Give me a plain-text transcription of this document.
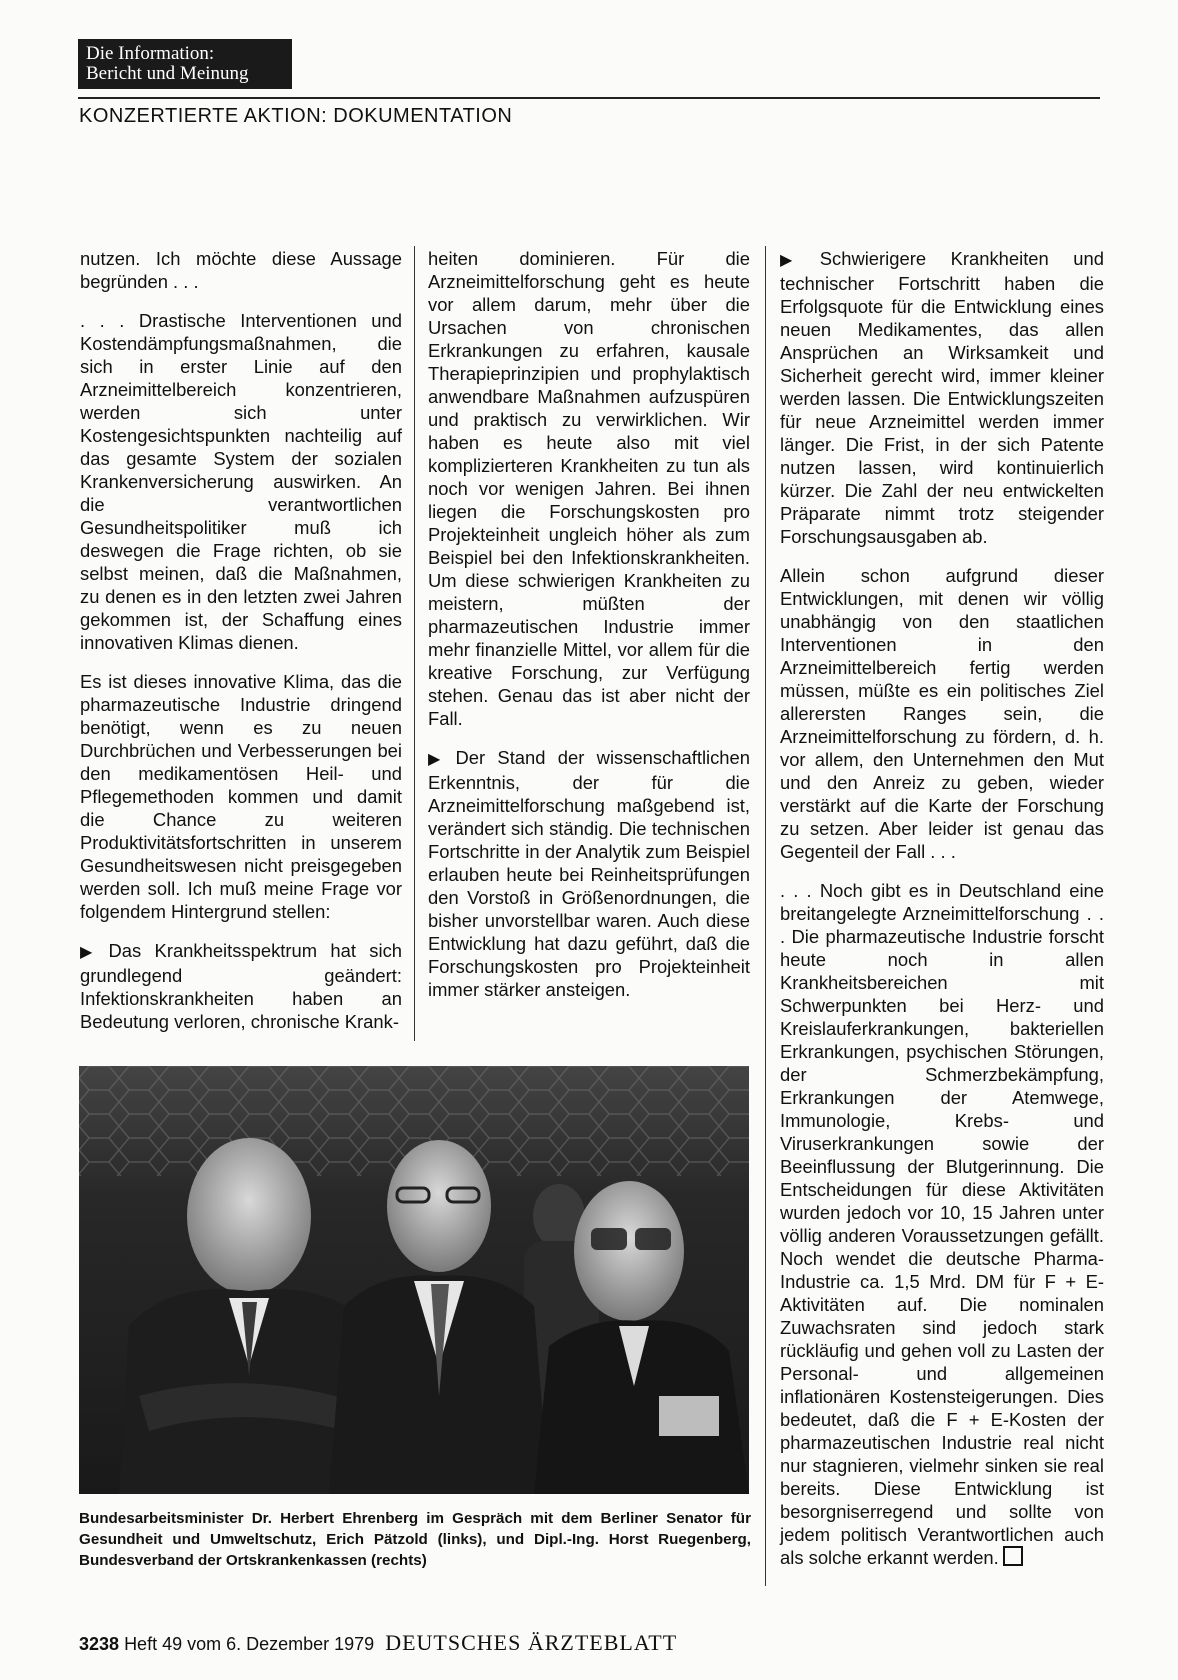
Die Information:
Bericht und Meinung
KONZERTIERTE AKTION: DOKUMENTATION

nutzen. Ich möchte diese Aussage begründen . . .

. . . Drastische Interventionen und Kostendämpfungsmaßnahmen, die sich in erster Linie auf den Arzneimittelbereich konzentrieren, werden sich unter Kostengesichtspunkten nachteilig auf das gesamte System der sozialen Krankenversicherung auswirken. An die verantwortlichen Gesundheitspolitiker muß ich deswegen die Frage richten, ob sie selbst meinen, daß die Maßnahmen, zu denen es in den letzten zwei Jahren gekommen ist, der Schaffung eines innovativen Klimas dienen.

Es ist dieses innovative Klima, das die pharmazeutische Industrie dringend benötigt, wenn es zu neuen Durchbrüchen und Verbesserungen bei den medikamentösen Heil- und Pflegemethoden kommen und damit die Chance zu weiteren Produktivitätsfortschritten in unserem Gesundheitswesen nicht preisgegeben werden soll. Ich muß meine Frage vor folgendem Hintergrund stellen:

▶ Das Krankheitsspektrum hat sich grundlegend geändert: Infektionskrankheiten haben an Bedeutung verloren, chronische Krank-

heiten dominieren. Für die Arzneimittelforschung geht es heute vor allem darum, mehr über die Ursachen von chronischen Erkrankungen zu erfahren, kausale Therapieprinzipien und prophylaktisch anwendbare Maßnahmen aufzuspüren und praktisch zu verwirklichen. Wir haben es heute also mit viel komplizierteren Krankheiten zu tun als noch vor wenigen Jahren. Bei ihnen liegen die Forschungskosten pro Projekteinheit ungleich höher als zum Beispiel bei den Infektionskrankheiten. Um diese schwierigen Krankheiten zu meistern, müßten der pharmazeutischen Industrie immer mehr finanzielle Mittel, vor allem für die kreative Forschung, zur Verfügung stehen. Genau das ist aber nicht der Fall.

▶ Der Stand der wissenschaftlichen Erkenntnis, der für die Arzneimittelforschung maßgebend ist, verändert sich ständig. Die technischen Fortschritte in der Analytik zum Beispiel erlauben heute bei Reinheitsprüfungen den Vorstoß in Größenordnungen, die bisher unvorstellbar waren. Auch diese Entwicklung hat dazu geführt, daß die Forschungskosten pro Projekteinheit immer stärker ansteigen.

▶ Schwierigere Krankheiten und technischer Fortschritt haben die Erfolgsquote für die Entwicklung eines neuen Medikamentes, das allen Ansprüchen an Wirksamkeit und Sicherheit gerecht wird, immer kleiner werden lassen. Die Entwicklungszeiten für neue Arzneimittel werden immer länger. Die Frist, in der sich Patente nutzen lassen, wird kontinuierlich kürzer. Die Zahl der neu entwickelten Präparate nimmt trotz steigender Forschungsausgaben ab.

Allein schon aufgrund dieser Entwicklungen, mit denen wir völlig unabhängig von den staatlichen Interventionen in den Arzneimittelbereich fertig werden müssen, müßte es ein politisches Ziel allerersten Ranges sein, die Arzneimittelforschung zu fördern, d. h. vor allem, den Unternehmen den Mut und den Anreiz zu geben, wieder verstärkt auf die Karte der Forschung zu setzen. Aber leider ist genau das Gegenteil der Fall . . .

. . . Noch gibt es in Deutschland eine breitangelegte Arzneimittelforschung . . . Die pharmazeutische Industrie forscht heute noch in allen Krankheitsbereichen mit Schwerpunkten bei Herz- und Kreislauferkrankungen, bakteriellen Erkrankungen, psychischen Störungen, der Schmerzbekämpfung, Erkrankungen der Atemwege, Immunologie, Krebs- und Viruserkrankungen sowie der Beeinflussung der Blutgerinnung. Die Entscheidungen für diese Aktivitäten wurden jedoch vor 10, 15 Jahren unter völlig anderen Voraussetzungen gefällt. Noch wendet die deutsche Pharma-Industrie ca. 1,5 Mrd. DM für F + E-Aktivitäten auf. Die nominalen Zuwachsraten sind jedoch stark rückläufig und gehen voll zu Lasten der Personal- und allgemeinen inflationären Kostensteigerungen. Dies bedeutet, daß die F + E-Kosten der pharmazeutischen Industrie real nicht nur stagnieren, vielmehr sinken sie real bereits. Diese Entwicklung ist besorgniserregend und sollte von jedem politisch Verantwortlichen auch als solche erkannt werden.

Bundesarbeitsminister Dr. Herbert Ehrenberg im Gespräch mit dem Berliner Senator für Gesundheit und Umweltschutz, Erich Pätzold (links), und Dipl.-Ing. Horst Ruegenberg, Bundesverband der Ortskrankenkassen (rechts)
3238 Heft 49 vom 6. Dezember 1979 DEUTSCHES ÄRZTEBLATT
